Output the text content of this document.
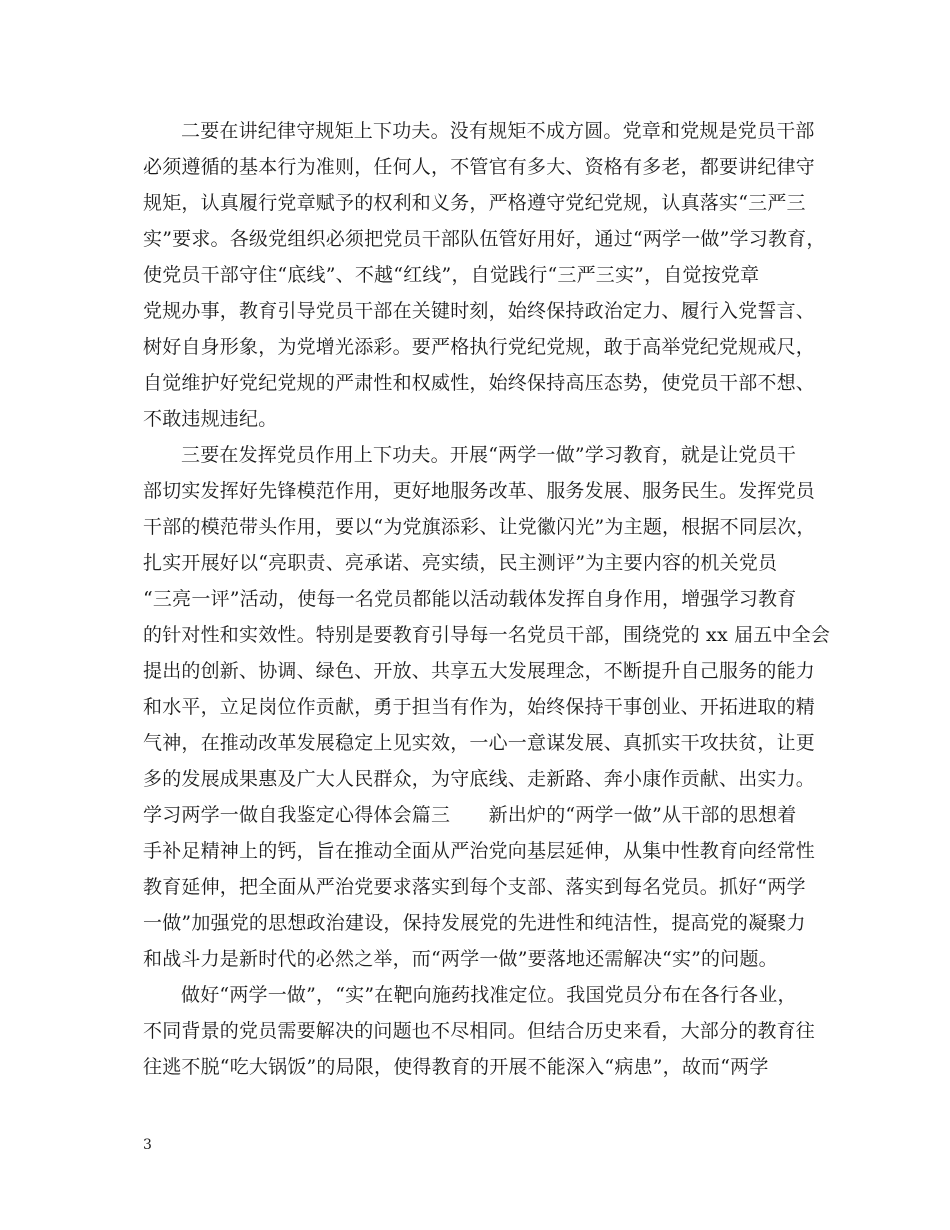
二要在讲纪律守规矩上下功夫。没有规矩不成方圆。党章和党规是党员干部
必须遵循的基本行为准则，任何人，不管官有多大、资格有多老，都要讲纪律守
规矩，认真履行党章赋予的权利和义务，严格遵守党纪党规，认真落实“三严三
实”要求。各级党组织必须把党员干部队伍管好用好，通过“两学一做”学习教育，
使党员干部守住“底线”、不越“红线”，自觉践行“三严三实”，自觉按党章
党规办事，教育引导党员干部在关键时刻，始终保持政治定力、履行入党誓言、
树好自身形象，为党增光添彩。要严格执行党纪党规，敢于高举党纪党规戒尺，
自觉维护好党纪党规的严肃性和权威性，始终保持高压态势，使党员干部不想、
不敢违规违纪。
三要在发挥党员作用上下功夫。开展“两学一做”学习教育，就是让党员干
部切实发挥好先锋模范作用，更好地服务改革、服务发展、服务民生。发挥党员
干部的模范带头作用，要以“为党旗添彩、让党徽闪光”为主题，根据不同层次，
扎实开展好以“亮职责、亮承诺、亮实绩，民主测评”为主要内容的机关党员
“三亮一评”活动，使每一名党员都能以活动载体发挥自身作用，增强学习教育
的针对性和实效性。特别是要教育引导每一名党员干部，围绕党的 xx 届五中全会
提出的创新、协调、绿色、开放、共享五大发展理念，不断提升自己服务的能力
和水平，立足岗位作贡献，勇于担当有作为，始终保持干事创业、开拓进取的精
气神，在推动改革发展稳定上见实效，一心一意谋发展、真抓实干攻扶贫，让更
多的发展成果惠及广大人民群众，为守底线、走新路、奔小康作贡献、出实力。
学习两学一做自我鉴定心得体会篇三　　新出炉的“两学一做”从干部的思想着
手补足精神上的钙，旨在推动全面从严治党向基层延伸，从集中性教育向经常性
教育延伸，把全面从严治党要求落实到每个支部、落实到每名党员。抓好“两学
一做”加强党的思想政治建设，保持发展党的先进性和纯洁性，提高党的凝聚力
和战斗力是新时代的必然之举，而“两学一做”要落地还需解决“实”的问题。
做好“两学一做”，“实”在靶向施药找准定位。我国党员分布在各行各业，
不同背景的党员需要解决的问题也不尽相同。但结合历史来看，大部分的教育往
往逃不脱“吃大锅饭”的局限，使得教育的开展不能深入“病患”，故而“两学
3
